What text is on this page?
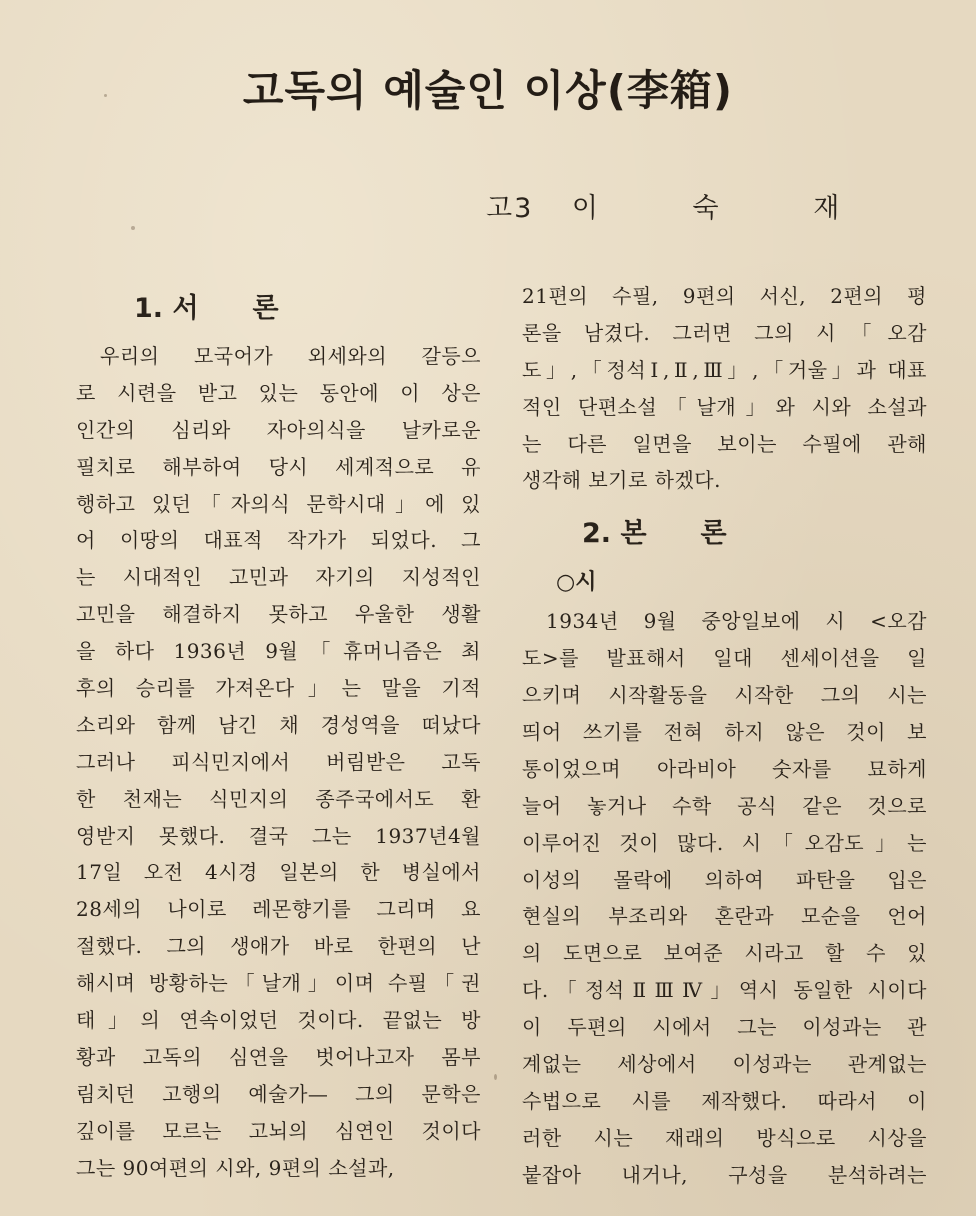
고독의 예술인 이상(李箱)
고3 이	숙	재
1. 서　　론
우리의 모국어가 외세와의 갈등으
로 시련을 받고 있는 동안에 이 상은
인간의 심리와 자아의식을 날카로운
필치로 해부하여 당시 세계적으로 유
행하고 있던「자의식 문학시대」에 있
어 이땅의 대표적 작가가 되었다. 그
는 시대적인 고민과 자기의 지성적인
고민을 해결하지 못하고 우울한 생활
을 하다 1936년 9월「휴머니즘은 최
후의 승리를 가져온다」는 말을 기적
소리와 함께 남긴 채 경성역을 떠났다
그러나 피식민지에서 버림받은 고독
한 천재는 식민지의 종주국에서도 환
영받지 못했다. 결국 그는 1937년4월
17일 오전 4시경 일본의 한 병실에서
28세의 나이로 레몬향기를 그리며 요
절했다. 그의 생애가 바로 한편의 난
해시며 방황하는「날개」이며 수필「권
태」의 연속이었던 것이다. 끝없는 방
황과 고독의 심연을 벗어나고자 몸부
림치던 고행의 예술가— 그의 문학은
깊이를 모르는 고뇌의 심연인 것이다
그는 90여편의 시와, 9편의 소설과,
21편의 수필, 9편의 서신, 2편의 평
론을 남겼다. 그러면 그의 시「오감
도」,「정석Ⅰ,Ⅱ,Ⅲ」,「거울」과 대표
적인 단편소설「날개」와 시와 소설과
는 다른 일면을 보이는 수필에 관해
생각해 보기로 하겠다.
2. 본　　론
○시
1934년 9월 중앙일보에 시 <오감
도>를 발표해서 일대 센세이션을 일
으키며 시작활동을 시작한 그의 시는
띄어 쓰기를 전혀 하지 않은 것이 보
통이었으며 아라비아 숫자를 묘하게
늘어 놓거나 수학 공식 같은 것으로
이루어진 것이 많다. 시「오감도」는
이성의 몰락에 의하여 파탄을 입은
현실의 부조리와 혼란과 모순을 언어
의 도면으로 보여준 시라고 할 수 있
다.「정석ⅡⅢⅣ」역시 동일한 시이다
이 두편의 시에서 그는 이성과는 관
계없는 세상에서 이성과는 관계없는
수법으로 시를 제작했다. 따라서 이
러한 시는 재래의 방식으로 시상을
붙잡아 내거나, 구성을 분석하려는
